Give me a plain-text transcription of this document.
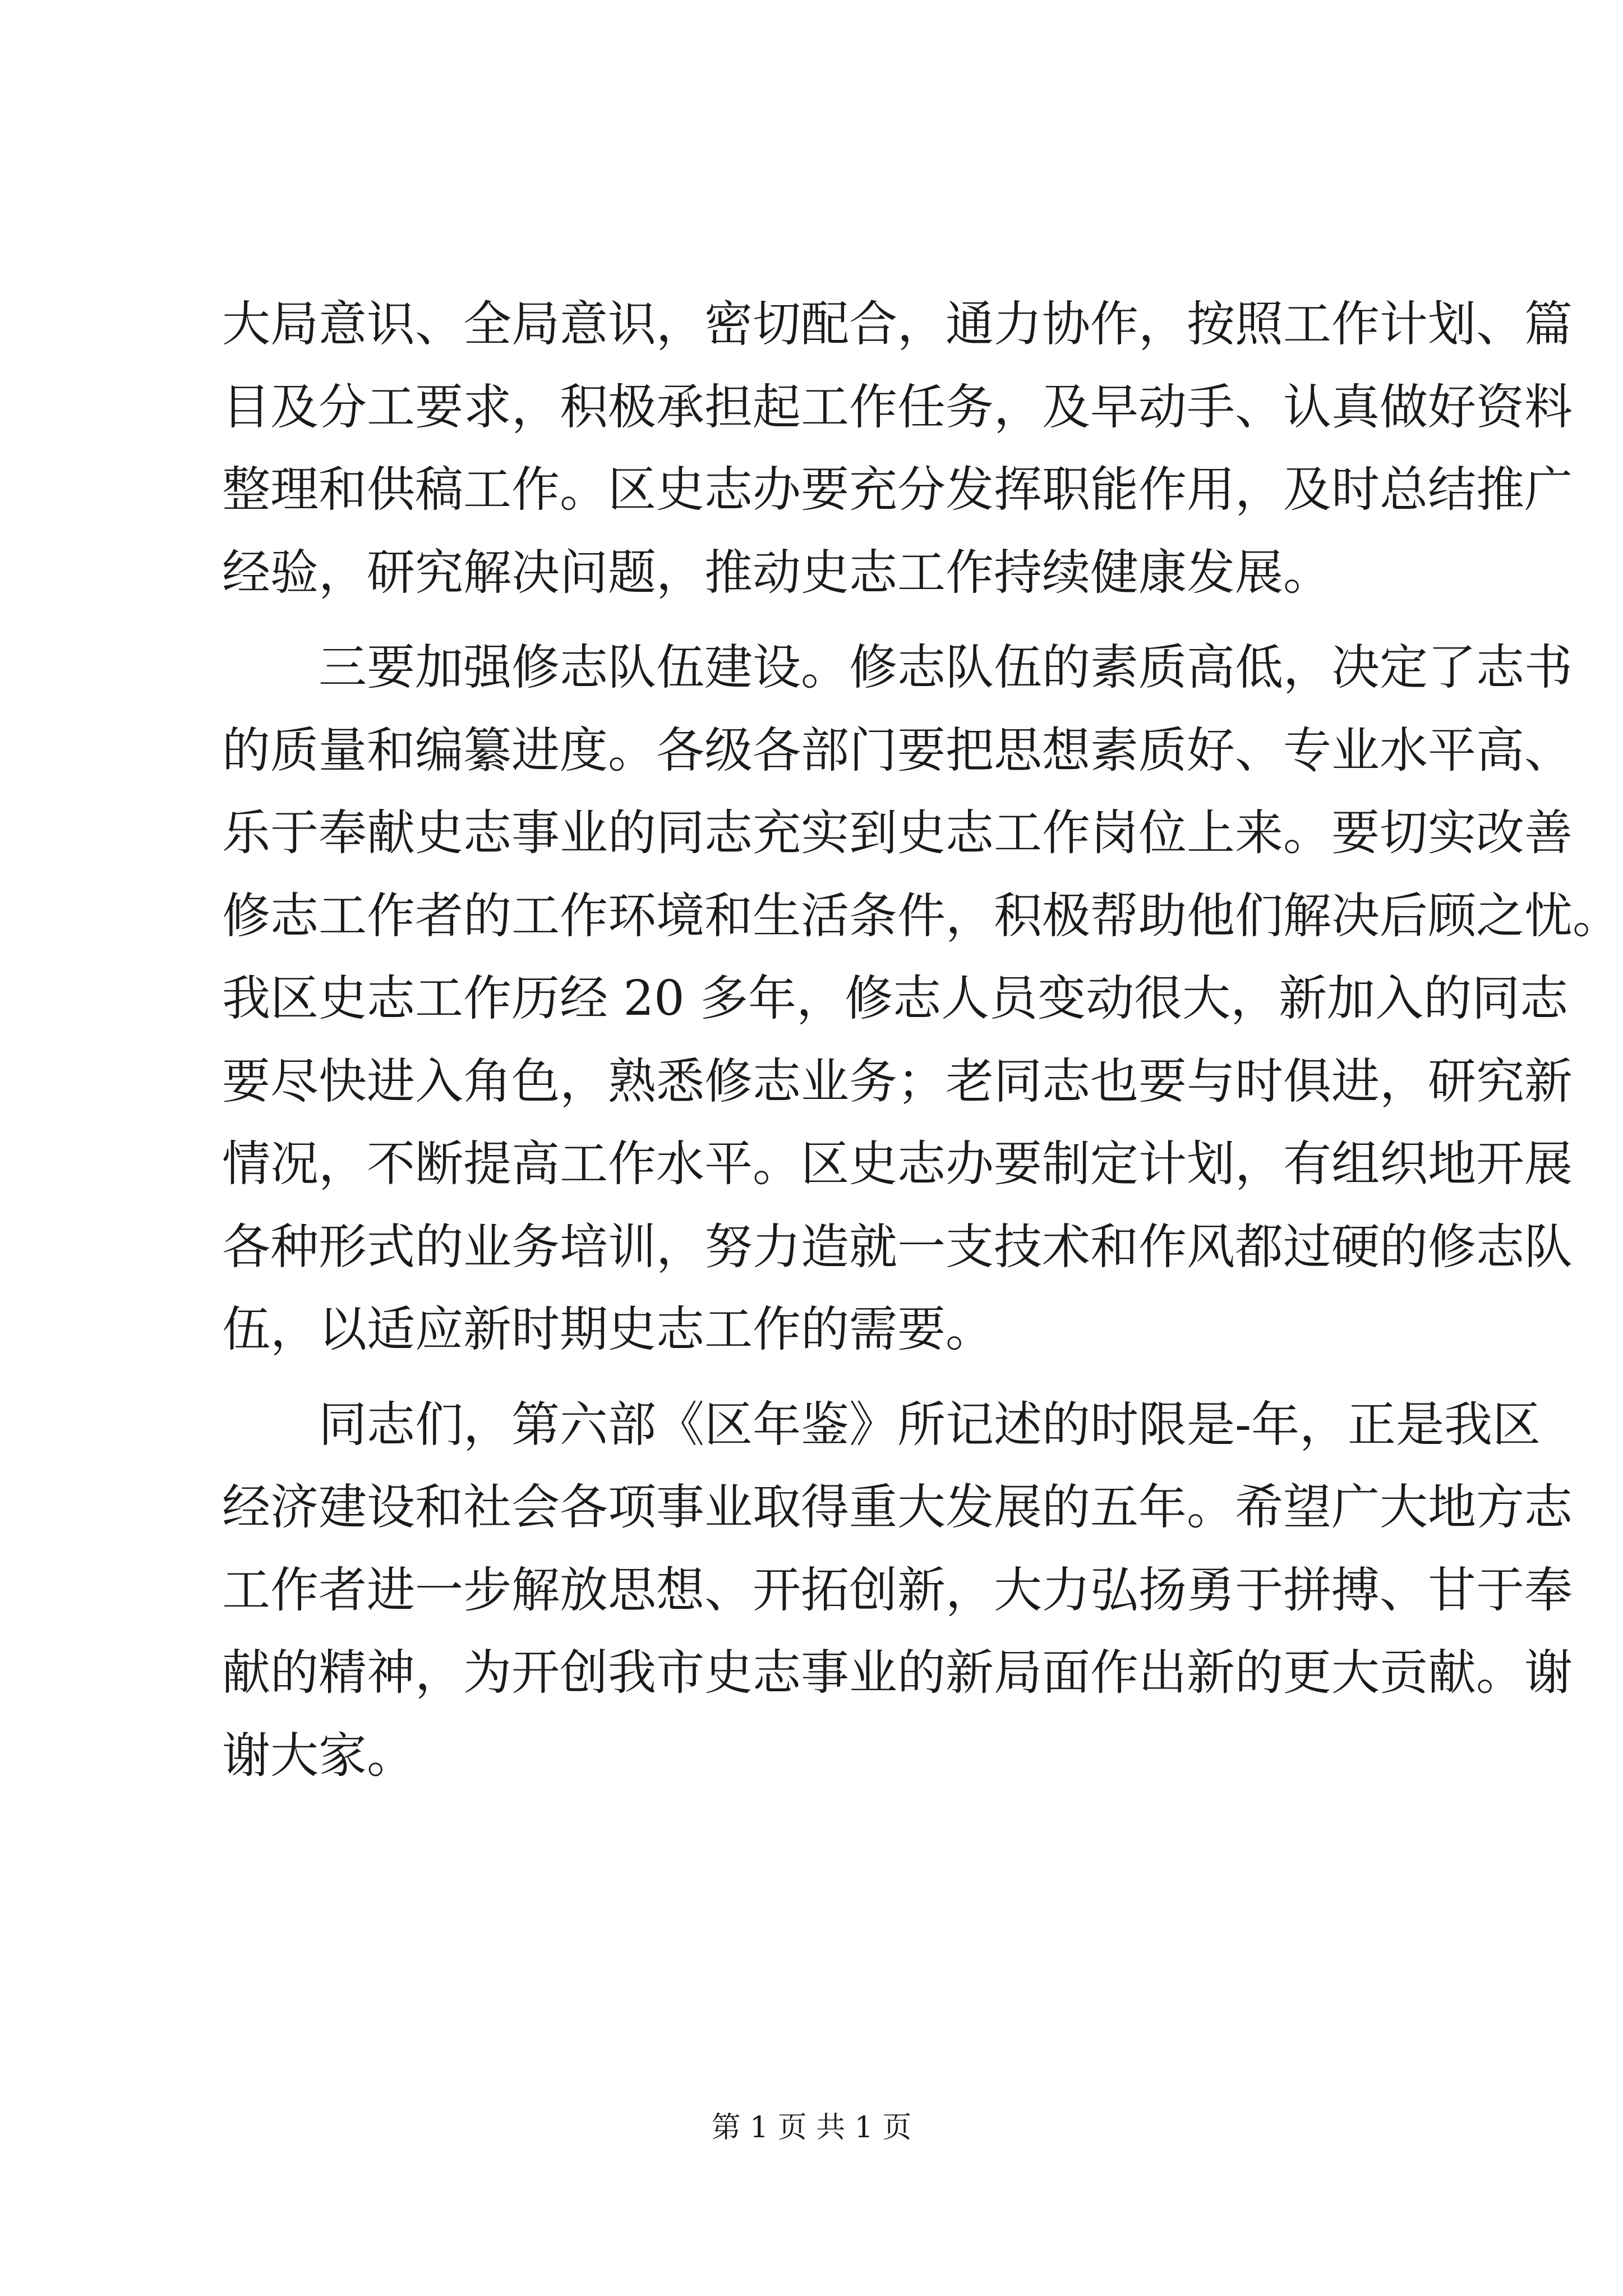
大局意识、全局意识，密切配合，通力协作，按照工作计划、篇
目及分工要求，积极承担起工作任务，及早动手、认真做好资料
整理和供稿工作。区史志办要充分发挥职能作用，及时总结推广
经验，研究解决问题，推动史志工作持续健康发展。
　　三要加强修志队伍建设。修志队伍的素质高低，决定了志书
的质量和编纂进度。各级各部门要把思想素质好、专业水平高、
乐于奉献史志事业的同志充实到史志工作岗位上来。要切实改善
修志工作者的工作环境和生活条件，积极帮助他们解决后顾之忧。
我区史志工作历经 20 多年，修志人员变动很大，新加入的同志
要尽快进入角色，熟悉修志业务；老同志也要与时俱进，研究新
情况，不断提高工作水平。区史志办要制定计划，有组织地开展
各种形式的业务培训，努力造就一支技术和作风都过硬的修志队
伍，以适应新时期史志工作的需要。
　　同志们，第六部《区年鉴》所记述的时限是-年，正是我区
经济建设和社会各项事业取得重大发展的五年。希望广大地方志
工作者进一步解放思想、开拓创新，大力弘扬勇于拼搏、甘于奉
献的精神，为开创我市史志事业的新局面作出新的更大贡献。谢
谢大家。
第 1 页 共 1 页
